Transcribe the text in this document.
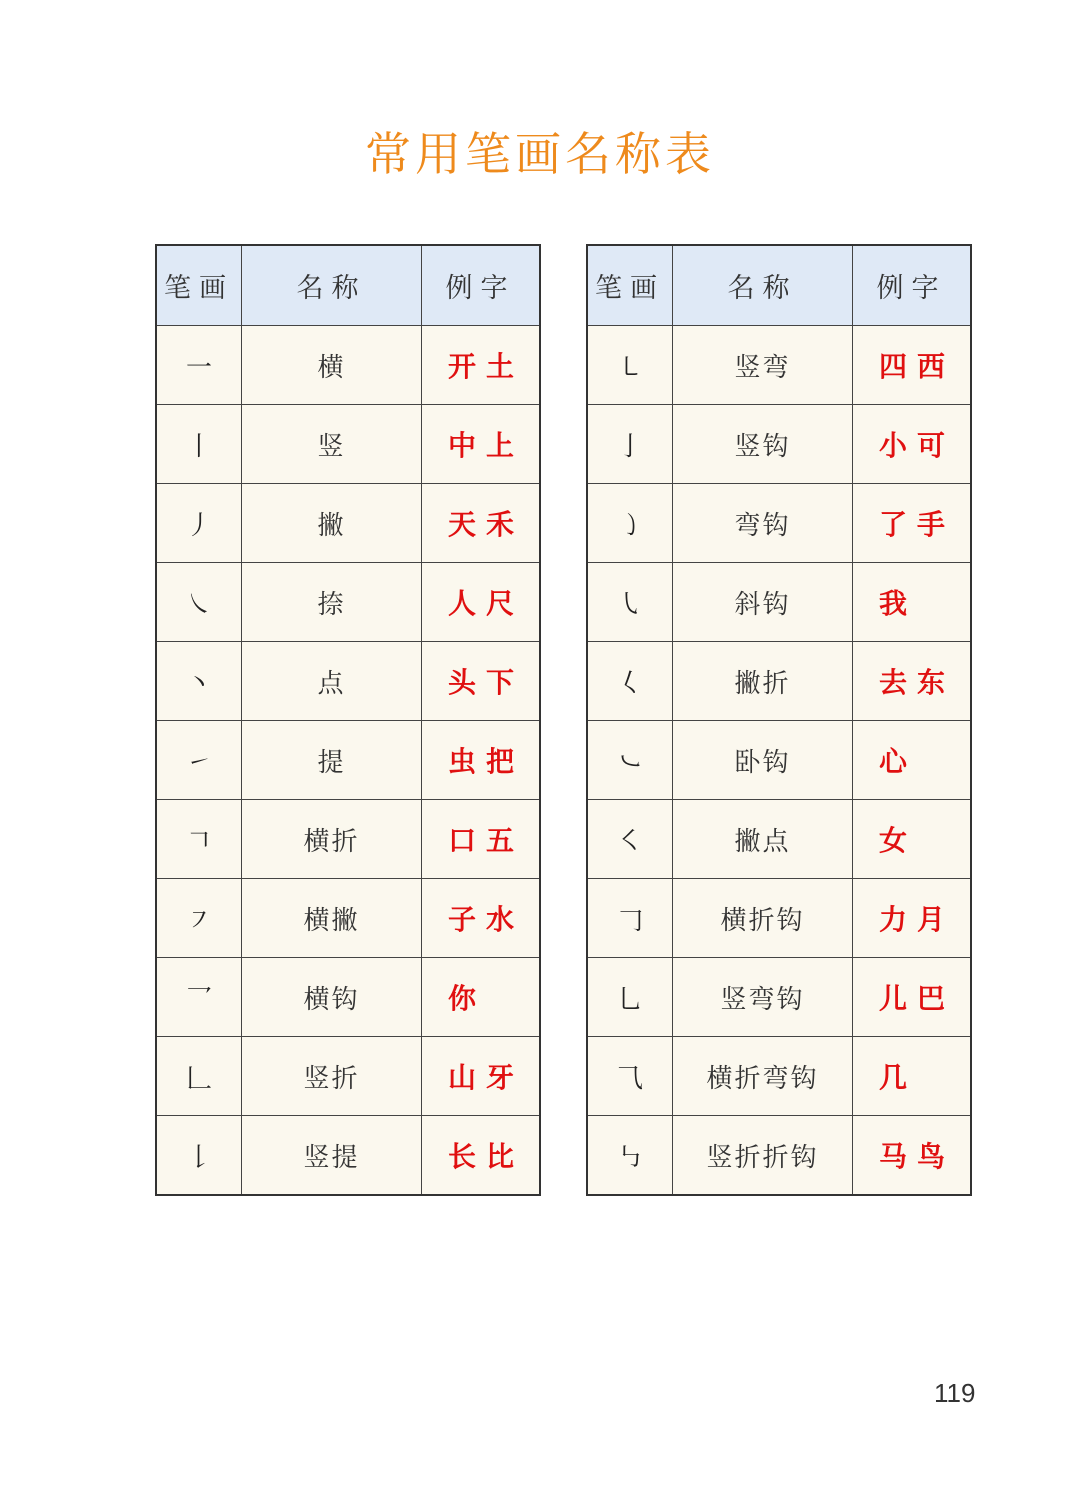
常用笔画名称表
笔画	名称	例字
一	横	开 土
丨	竖	中 上
丿	撇	天 禾
㇏	捺	人 尺
丶	点	头 下
㇀	提	虫 把
𠃍	横折	口 五
㇇	横撇	子 水
乛	横钩	你
𠃊	竖折	山 牙
𠄌	竖提	长 比
笔画	名称	例字
㇄	竖弯	四 西
亅	竖钩	小 可
㇁	弯钩	了 手
㇂	斜钩	我
𡿨	撇折	去 东
㇃	卧钩	心
㇛	撇点	女
𠃌	横折钩	力 月
乚	竖弯钩	儿 巴
⺄	横折弯钩	几
㇉	竖折折钩	马 鸟
119
